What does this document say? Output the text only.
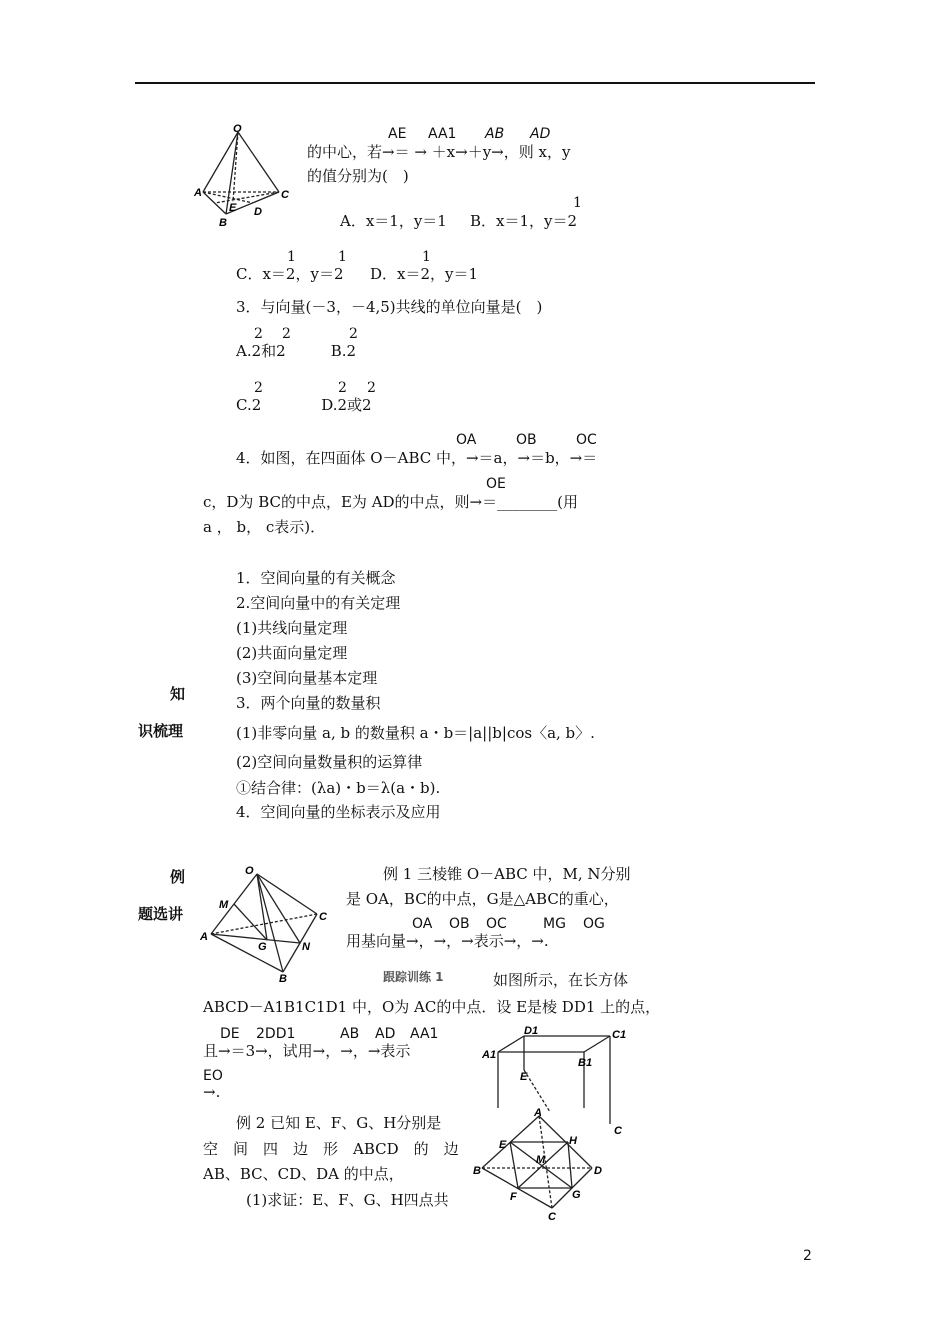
O
A	C
E D
B
AE AA1 AB AD
的中心，若→＝ → ＋x→＋y→，则 x，y
的值分别为(　)
1
A．x＝1，y＝1 B．x＝1，y＝2
1	1	1
C．x＝2，y＝2 D．x＝2，y＝1
3．与向量(－3，－4,5)共线的单位向量是(　)
2 2	2
A.2和2　　　B.2
2	2 2
C.2　　　　D.2或2
OA	OB	OC
4．如图，在四面体 O－ABC 中，→＝a，→＝b，→＝
OE
c，D为 BC的中点，E为 AD的中点，则→＝________(用
a ， b， c表示)．
知
识梳理
1．空间向量的有关概念
2.空间向量中的有关定理
(1)共线向量定理
(2)共面向量定理
(3)空间向量基本定理
3．两个向量的数量积
(1)非零向量 a, b 的数量积 a・b＝|a||b|cos〈a, b〉.
(2)空间向量数量积的运算律
①结合律：(λa)・b＝λ(a・b).
4．空间向量的坐标表示及应用
例
题选讲
O
M
C
A
G	N
B
例 1 三棱锥 O－ABC 中，M, N分别
是 OA，BC的中点，G是△ABC的重心，
OA OB OC	MG OG
用基向量→，→，→表示→，→.
跟踪训练 1	如图所示，在长方体
ABCD－A1B1C1D1 中，O为 AC的中点．设 E是棱 DD1 上的点，
DE 2DD1	AB AD AA1
且→＝3→，试用→，→，→表示
EO
→.
D1	C1
A1
B1
E
C
例 2 已知 E、F、G、H分别是
空　间　四　边　形　ABCD　的　边
AB、BC、CD、DA 的中点，
(1)求证：E、F、G、H四点共
A
E	H
B
M
D
F	G
C
2
